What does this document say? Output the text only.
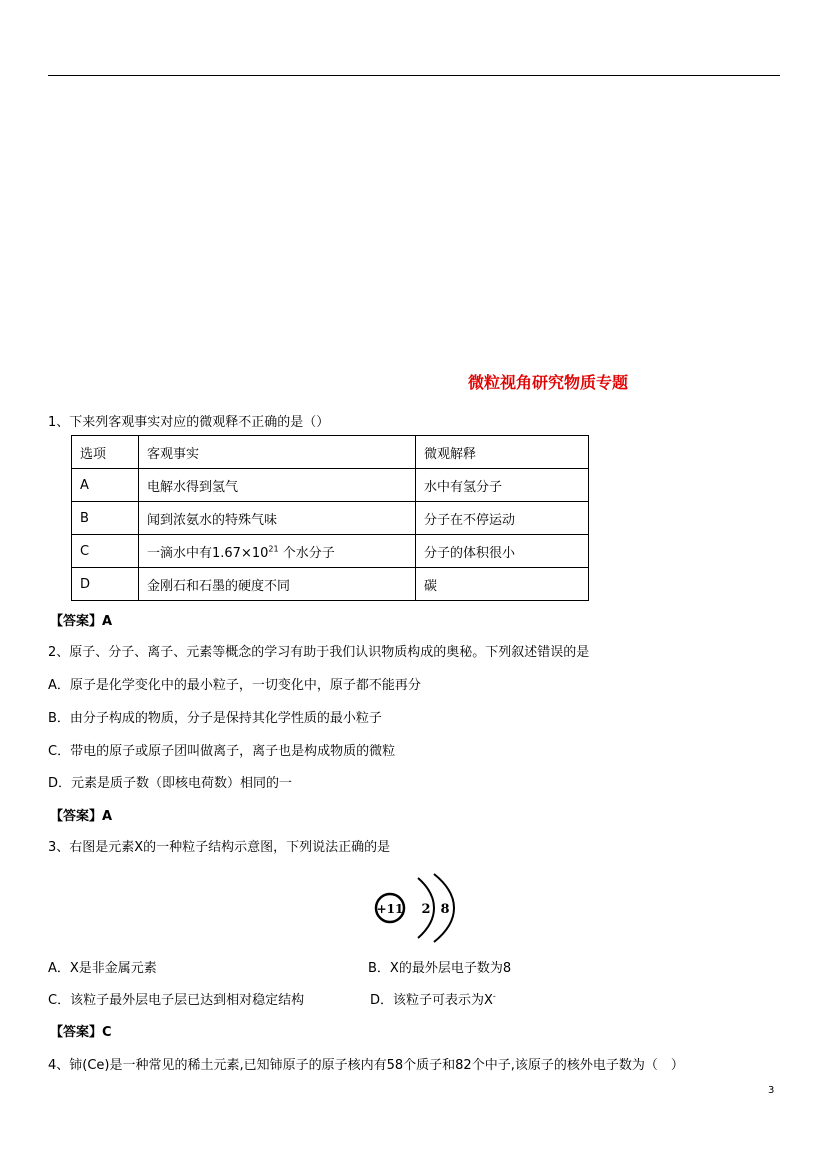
微粒视角研究物质专题
1、下来列客观事实对应的微观释不正确的是（）
选项	客观事实	微观解释
A	电解水得到氢气	水中有氢分子
B	闻到浓氨水的特殊气味	分子在不停运动
C	一滴水中有$1.67\times 10^{21}$ 个水分子	分子的体积很小
D	金刚石和石墨的硬度不同	碳
【答案】A
2、原子、分子、离子、元素等概念的学习有助于我们认识物质构成的奥秘。下列叙述错误的是
A．原子是化学变化中的最小粒子，一切变化中，原子都不能再分
B．由分子构成的物质，分子是保持其化学性质的最小粒子
C．带电的原子或原子团叫做离子，离子也是构成物质的微粒
D．元素是质子数（即核电荷数）相同的一
【答案】A
3、右图是元素X的一种粒子结构示意图，下列说法正确的是
+11 2 8
A．X是非金属元素	B．X的最外层电子数为8
C．该粒子最外层电子层已达到相对稳定结构	D．该粒子可表示为X-
【答案】C
4、铈(Ce)是一种常见的稀土元素,已知铈原子的原子核内有58个质子和82个中子,该原子的核外电子数为（　）
3
